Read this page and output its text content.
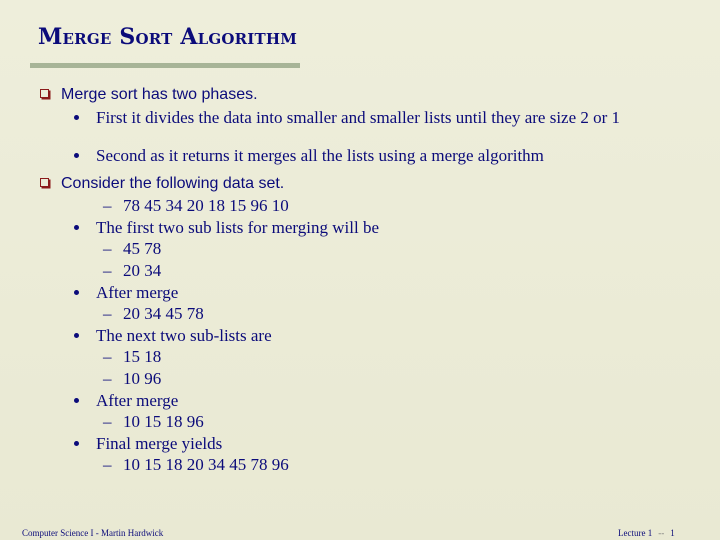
Merge Sort Algorithm
Merge sort has two phases.
First it divides the data into smaller and smaller lists until they are size 2 or 1
Second as it returns it merges all the lists using a merge algorithm
Consider the following data set.
– 78 45 34 20 18 15 96 10
The first two sub lists for merging will be
– 45 78
– 20 34
After merge
– 20 34 45 78
The next two sub-lists are
– 15 18
– 10 96
After merge
– 10 15 18 96
Final merge yields
– 10 15 18 20 34 45 78 96
Computer Science I - Martin Hardwick	Lecture 1 -- 1
